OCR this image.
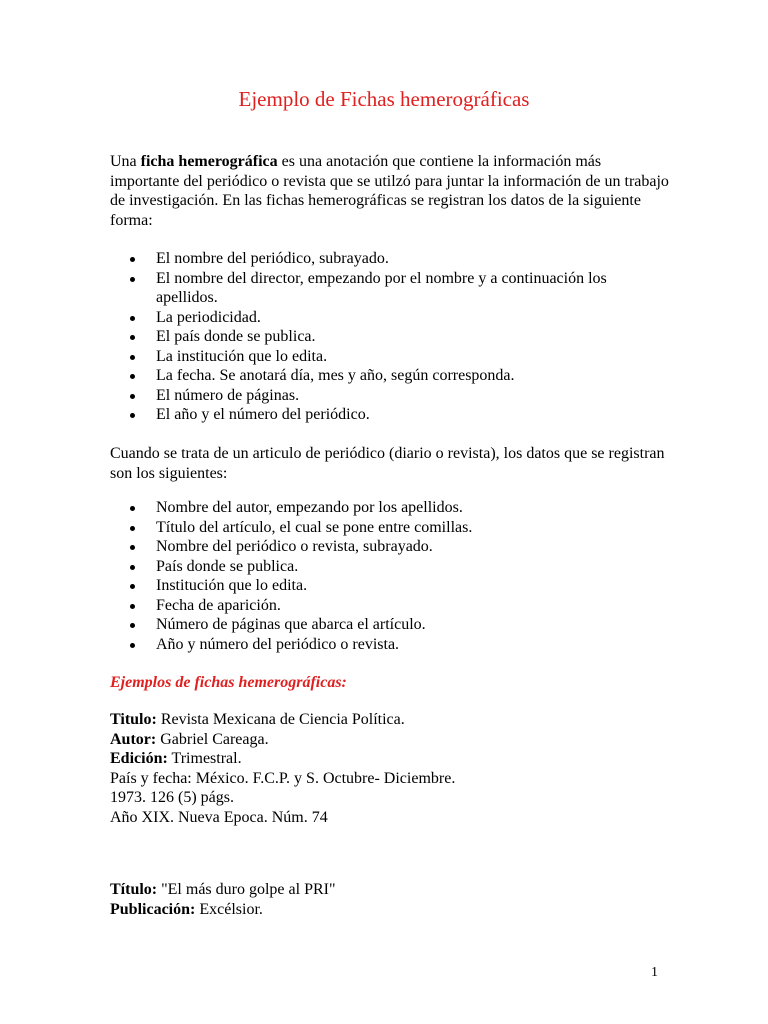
Ejemplo de Fichas hemerográficas
Una ficha hemerográfica es una anotación que contiene la información más importante del periódico o revista que se utilzó para juntar la información de un trabajo de investigación. En las fichas hemerográficas se registran los datos de la siguiente forma:
El nombre del periódico, subrayado.
El nombre del director, empezando por el nombre y a continuación los apellidos.
La periodicidad.
El país donde se publica.
La institución que lo edita.
La fecha. Se anotará día, mes y año, según corresponda.
El número de páginas.
El año y el número del periódico.
Cuando se trata de un articulo de periódico (diario o revista), los datos que se registran son los siguientes:
Nombre del autor, empezando por los apellidos.
Título del artículo, el cual se pone entre comillas.
Nombre del periódico o revista, subrayado.
País donde se publica.
Institución que lo edita.
Fecha de aparición.
Número de páginas que abarca el artículo.
Año y número del periódico o revista.
Ejemplos de fichas hemerográficas:
Titulo: Revista Mexicana de Ciencia Política.
Autor: Gabriel Careaga.
Edición: Trimestral.
País y fecha: México. F.C.P. y S. Octubre- Diciembre.
1973. 126 (5) págs.
Año XIX. Nueva Epoca. Núm. 74
Título: "El más duro golpe al PRI"
Publicación: Excélsior.
1
